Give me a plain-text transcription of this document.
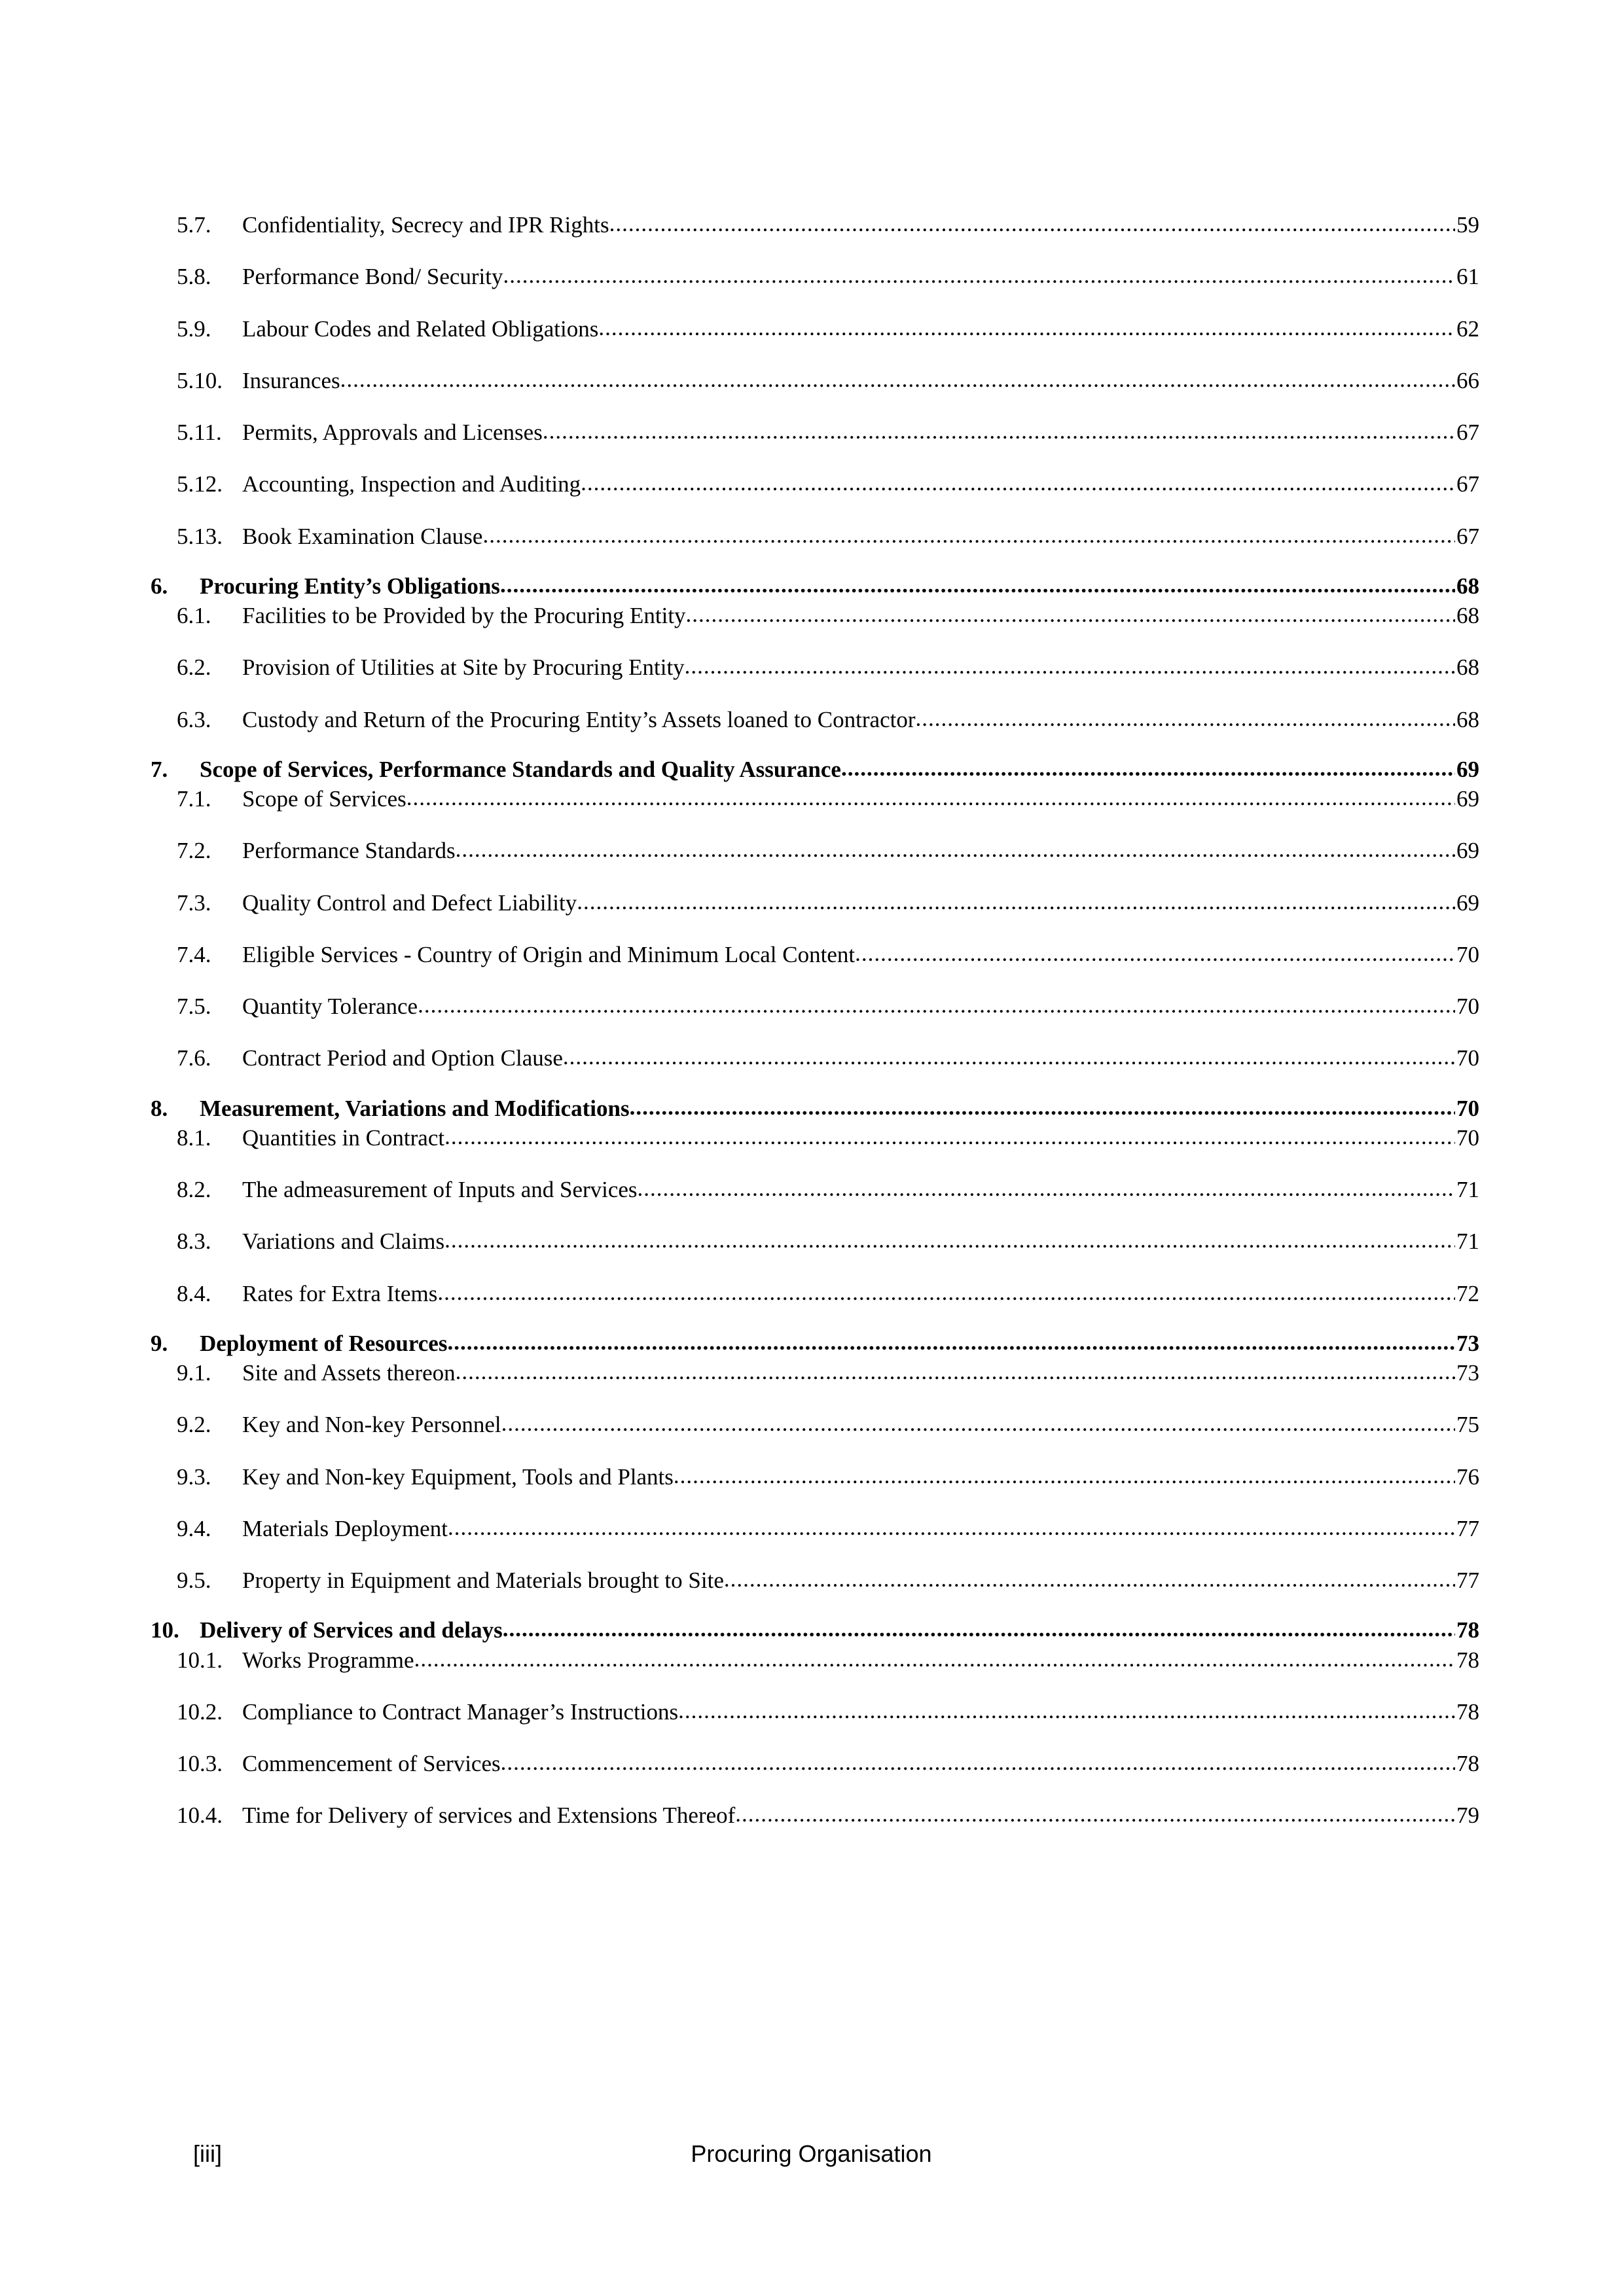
5.7.	Confidentiality, Secrecy and IPR Rights .....	59
5.8.	Performance Bond/ Security .....	61
5.9.	Labour Codes and Related Obligations .....	62
5.10. Insurances .....	66
5.11. Permits, Approvals and Licenses .....	67
5.12. Accounting, Inspection and Auditing .....	67
5.13. Book Examination Clause .....	67
6.	Procuring Entity’s Obligations .....	68
6.1.	Facilities to be Provided by the Procuring Entity .....	68
6.2.	Provision of Utilities at Site by Procuring Entity .....	68
6.3.	Custody and Return of the Procuring Entity’s Assets loaned to Contractor .....	68
7.	Scope of Services, Performance Standards and Quality Assurance .....	69
7.1.	Scope of Services .....	69
7.2.	Performance Standards .....	69
7.3.	Quality Control and Defect Liability .....	69
7.4.	Eligible Services - Country of Origin and Minimum Local Content .....	70
7.5.	Quantity Tolerance .....	70
7.6.	Contract Period and Option Clause .....	70
8.	Measurement, Variations and Modifications .....	70
8.1.	Quantities in Contract .....	70
8.2.	The admeasurement of Inputs and Services .....	71
8.3.	Variations and Claims .....	71
8.4.	Rates for Extra Items .....	72
9.	Deployment of Resources .....	73
9.1.	Site and Assets thereon .....	73
9.2.	Key and Non-key Personnel .....	75
9.3.	Key and Non-key Equipment, Tools and Plants .....	76
9.4.	Materials Deployment .....	77
9.5.	Property in Equipment and Materials brought to Site .....	77
10. Delivery of Services and delays .....	78
10.1. Works Programme .....	78
10.2. Compliance to Contract Manager’s Instructions .....	78
10.3. Commencement of Services .....	78
10.4. Time for Delivery of services and Extensions Thereof .....	79
[iii]	Procuring Organisation
